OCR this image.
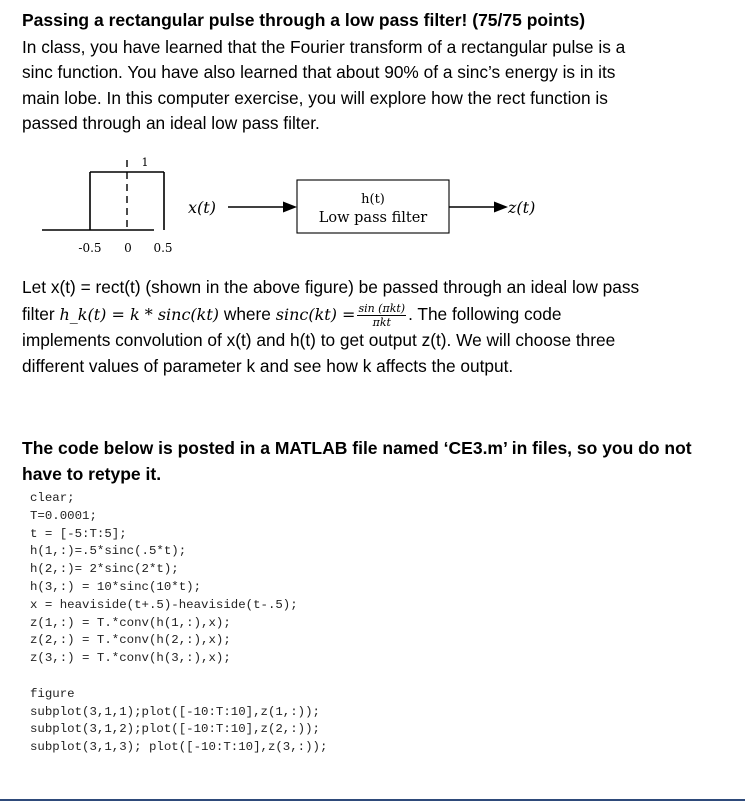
Passing a rectangular pulse through a low pass filter! (75/75 points)
In class, you have learned that the Fourier transform of a rectangular pulse is a
sinc function. You have also learned that about 90% of a sinc’s energy is in its
main lobe. In this computer exercise, you will explore how the rect function is
passed through an ideal low pass filter.
1
-0.5 0 0.5
x(t)	h(t)
Low pass filter
z(t)
Let x(t) = rect(t) (shown in the above figure) be passed through an ideal low pass
filter h_k(t) = k * sinc(kt) where $\sin c(kt) = \frac{\text{sin (πkt)}}{\text{πkt}}$ . The following code
implements convolution of x(t) and h(t) to get output z(t). We will choose three
different values of parameter k and see how k affects the output.
The code below is posted in a MATLAB file named ‘CE3.m’ in files, so you do not
have to retype it.
clear;
T=0.0001;
t = [-5:T:5];
h(1,:)=.5*sinc(.5*t);
h(2,:)= 2*sinc(2*t);
h(3,:) = 10*sinc(10*t);
x = heaviside(t+.5)-heaviside(t-.5);
z(1,:) = T.*conv(h(1,:),x);
z(2,:) = T.*conv(h(2,:),x);
z(3,:) = T.*conv(h(3,:),x);
figure
subplot(3,1,1);plot([-10:T:10],z(1,:));
subplot(3,1,2);plot([-10:T:10],z(2,:));
subplot(3,1,3); plot([-10:T:10],z(3,:));
